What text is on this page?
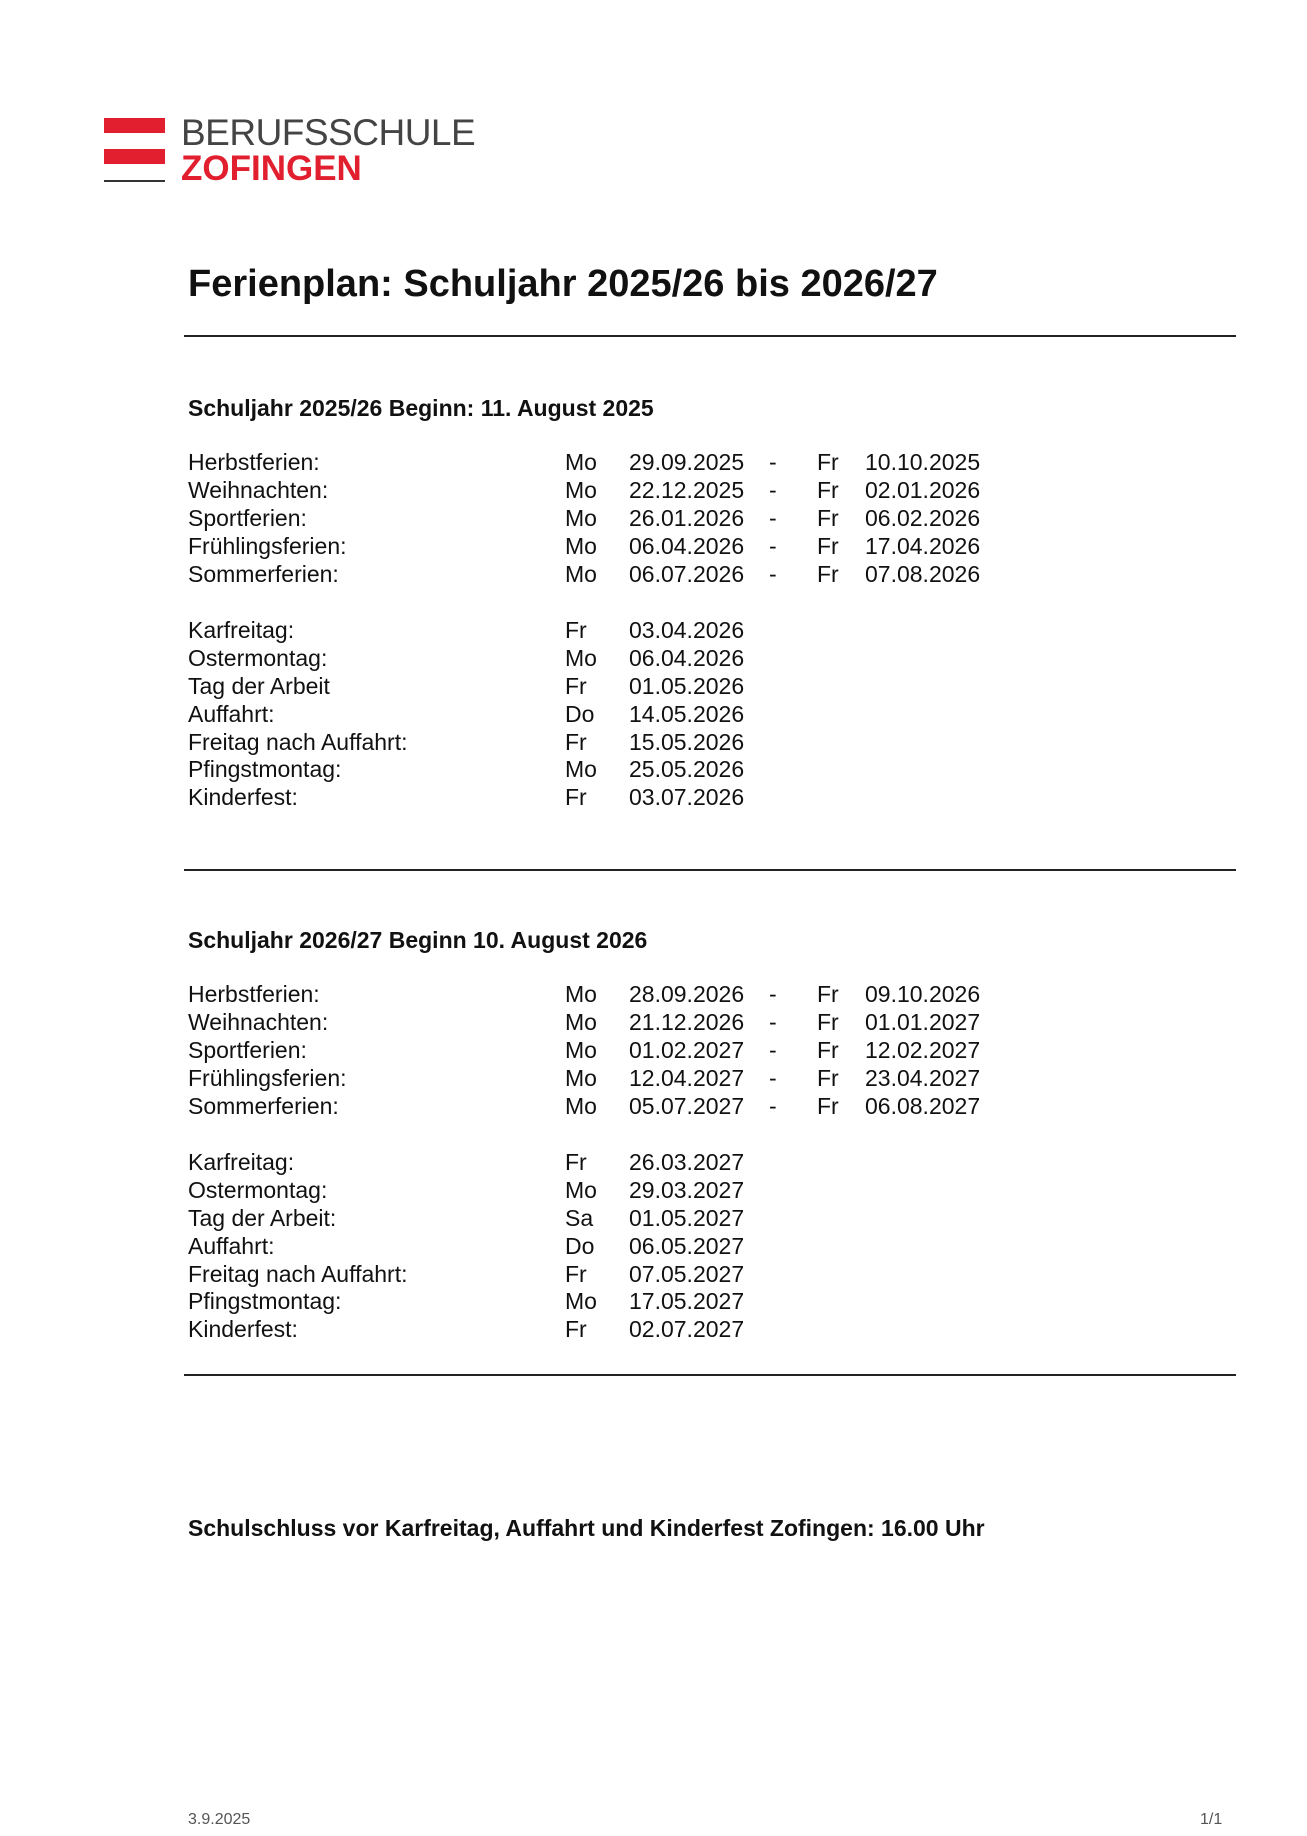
BERUFSSCHULE
ZOFINGEN
Ferienplan: Schuljahr 2025/26 bis 2026/27
Schuljahr 2025/26 Beginn: 11. August 2025
Herbstferien:	Mo 29.09.2025 - Fr 10.10.2025
Weihnachten:	Mo 22.12.2025 - Fr 02.01.2026
Sportferien:	Mo 26.01.2026 - Fr 06.02.2026
Frühlingsferien:	Mo 06.04.2026 - Fr 17.04.2026
Sommerferien:	Mo 06.07.2026 - Fr 07.08.2026
Karfreitag:	Fr 03.04.2026
Ostermontag:	Mo 06.04.2026
Tag der Arbeit	Fr 01.05.2026
Auffahrt:	Do 14.05.2026
Freitag nach Auffahrt:	Fr 15.05.2026
Pfingstmontag:	Mo 25.05.2026
Kinderfest:	Fr 03.07.2026
Schuljahr 2026/27 Beginn 10. August 2026
Herbstferien:	Mo 28.09.2026 - Fr 09.10.2026
Weihnachten:	Mo 21.12.2026 - Fr 01.01.2027
Sportferien:	Mo 01.02.2027 - Fr 12.02.2027
Frühlingsferien:	Mo 12.04.2027 - Fr 23.04.2027
Sommerferien:	Mo 05.07.2027 - Fr 06.08.2027
Karfreitag:	Fr 26.03.2027
Ostermontag:	Mo 29.03.2027
Tag der Arbeit:	Sa 01.05.2027
Auffahrt:	Do 06.05.2027
Freitag nach Auffahrt:	Fr 07.05.2027
Pfingstmontag:	Mo 17.05.2027
Kinderfest:	Fr 02.07.2027
Schulschluss vor Karfreitag, Auffahrt und Kinderfest Zofingen: 16.00 Uhr
3.9.2025	1/1
